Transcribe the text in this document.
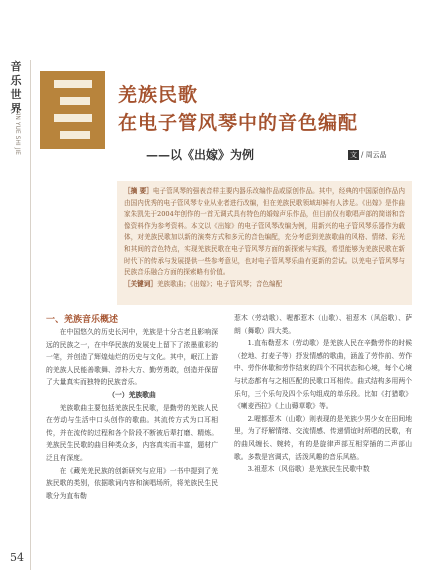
音
乐
世
界
YIN YUE SHI JIE
54
羌族民歌
在电子管风琴中的音色编配
——以《出嫁》为例	文 / 周云晶

［摘 要］电子管风琴的强表音样主要内器乐改编作品或原创作品。其中，经典的中国原创作品内由国内优秀的电子管风琴专业从业者进行改编，但在羌族民歌领域却鲜有人涉足。《出嫁》是作曲家朱凯先于2004年创作的一首无调式具有特色的婚嫁声乐作品，但目前仅有歌唱声部的简谱和音像资料作为参考资料。本文以《出嫁》的电子管风琴改编为例，用新兴的电子管风琴乐器作为载体，对羌族民歌加以新的演奏方式和多元的音色编配，充分考虑到羌族歌曲的风格、情绪、彩光和其间的音色特点，实现羌族民歌在电子管风琴方面的新探索与实践，希望能够为羌族民歌在新时代下的传承与发展提供一些参考意见，也对电子管风琴乐曲有更新的尝试。以羌电子管风琴与民族音乐融合方面的探索略有价值。

［关键词］羌族歌曲；《出嫁》；电子管风琴；音色编配

一、羌族音乐概述

在中国悠久的历史长河中，羌族是十分古老且影响深远的民族之一，在中华民族的发展史上留下了浓墨重彩的一笔，并创造了辉煌灿烂的历史与文化。其中，岷江上游的羌族人民能善歌舞、淳朴大方、勤劳勇敢，创造并保留了大量真实而独特的民族音乐。

（一）羌族歌曲

羌族歌曲主要包括羌族民生民歌，是勤劳的羌族人民在劳动与生活中口头创作的歌曲。其流传方式为口耳相传，并在流传的过程和各个阶段不断被后辈打磨、精炼。羌族民生民歌的曲目种类众多，内容真实而丰富，题材广泛且有深度。

在《藏羌羌民族的创新研究与应用》一书中提到了羌族民歌的类别，依据歌词内容和演唱场所，将羌族民生民歌分为直布勒

惹木（劳动歌）、喔都惹木（山歌）、祖惹木（风俗歌）、萨朗（舞歌）四大类。

1.直布勒惹木（劳动歌）是羌族人民在辛勤劳作的时候（挖地、打麦子等）抒发情感的歌曲，涵盖了劳作前、劳作中、劳作休歇和劳作结束的四个不同状态和心境，每个心境与状态都有与之相匹配的民歌口耳相传。曲式结构多用两个乐句，三个乐句及四个乐句组成的单乐段。比如《打猎歌》《喇麦西拉》《上山薅草歌》等。

2.喔都惹木（山歌）则表现的是羌族少男少女在田间地里，为了纾解情绪、交流情感、传递情谊时所唱的民歌，有的曲风缠长、婉转，有的是旋律声部互相穿插的二声部山歌。多数是宫调式，活泼风趣的音乐风格。

3.祖惹木（风俗歌）是羌族民生民歌中数
